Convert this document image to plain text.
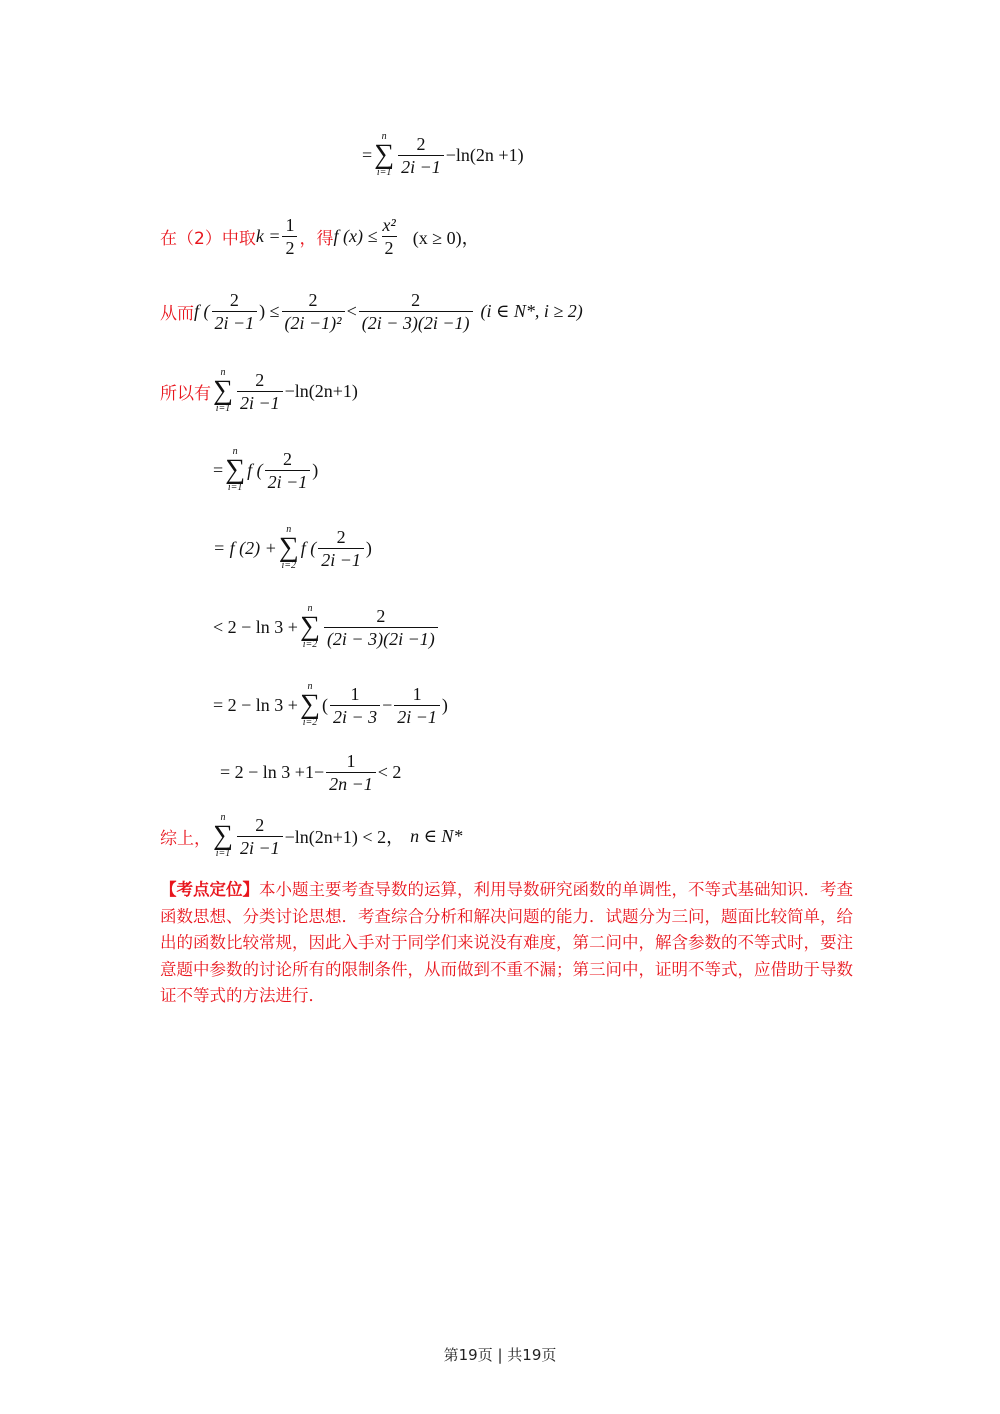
=
n
∑
$i=1 \frac{2}{2i -1} -\ln(2n +1)$
在（2）中取 $k = \frac{1}{2}$ ，得 f $(x) \le \frac{\text{x²}}{2} (x \ge 0)$，
从而 f ( $\frac{2}{2i -1}$ ) ≤ $\frac{2}{\text{(2i −1)²}} < \frac{2}{(2i - 3)(2i -1)} (i$ ∈ N*, i ≥ 2)
所以有
n
∑
$i=1 \frac{2}{2i -1} -\ln(2n+1)$
=
n
∑
i=1
f ( $\frac{2}{2i -1}$ )
= f (2) +
n
∑
i=2
f ( $\frac{2}{2i -1}$ )
< 2 − ln 3 +
n
∑
$i=2 \frac{2}{(2i - 3)(2i -1)}$
= 2 − ln 3 +
n
∑
i=2
( $\frac{1}{2i - 3} - \frac{1}{2i -1}$ )
= $2 - \ln 3 +1- \frac{1}{2n -1} < 2$
综上，
n
∑
$i=1 \frac{2}{2i -1} -\ln(2n+1) < 2$， n ∈ N*
【考点定位】本小题主要考查导数的运算，利用导数研究函数的单调性，不等式基础知识．考查函数思想、分类讨论思想．考查综合分析和解决问题的能力．试题分为三问，题面比较简单，给出的函数比较常规，因此入手对于同学们来说没有难度，第二问中，解含参数的不等式时，要注意题中参数的讨论所有的限制条件，从而做到不重不漏；第三问中，证明不等式，应借助于导数证不等式的方法进行．
第19页 | 共19页
